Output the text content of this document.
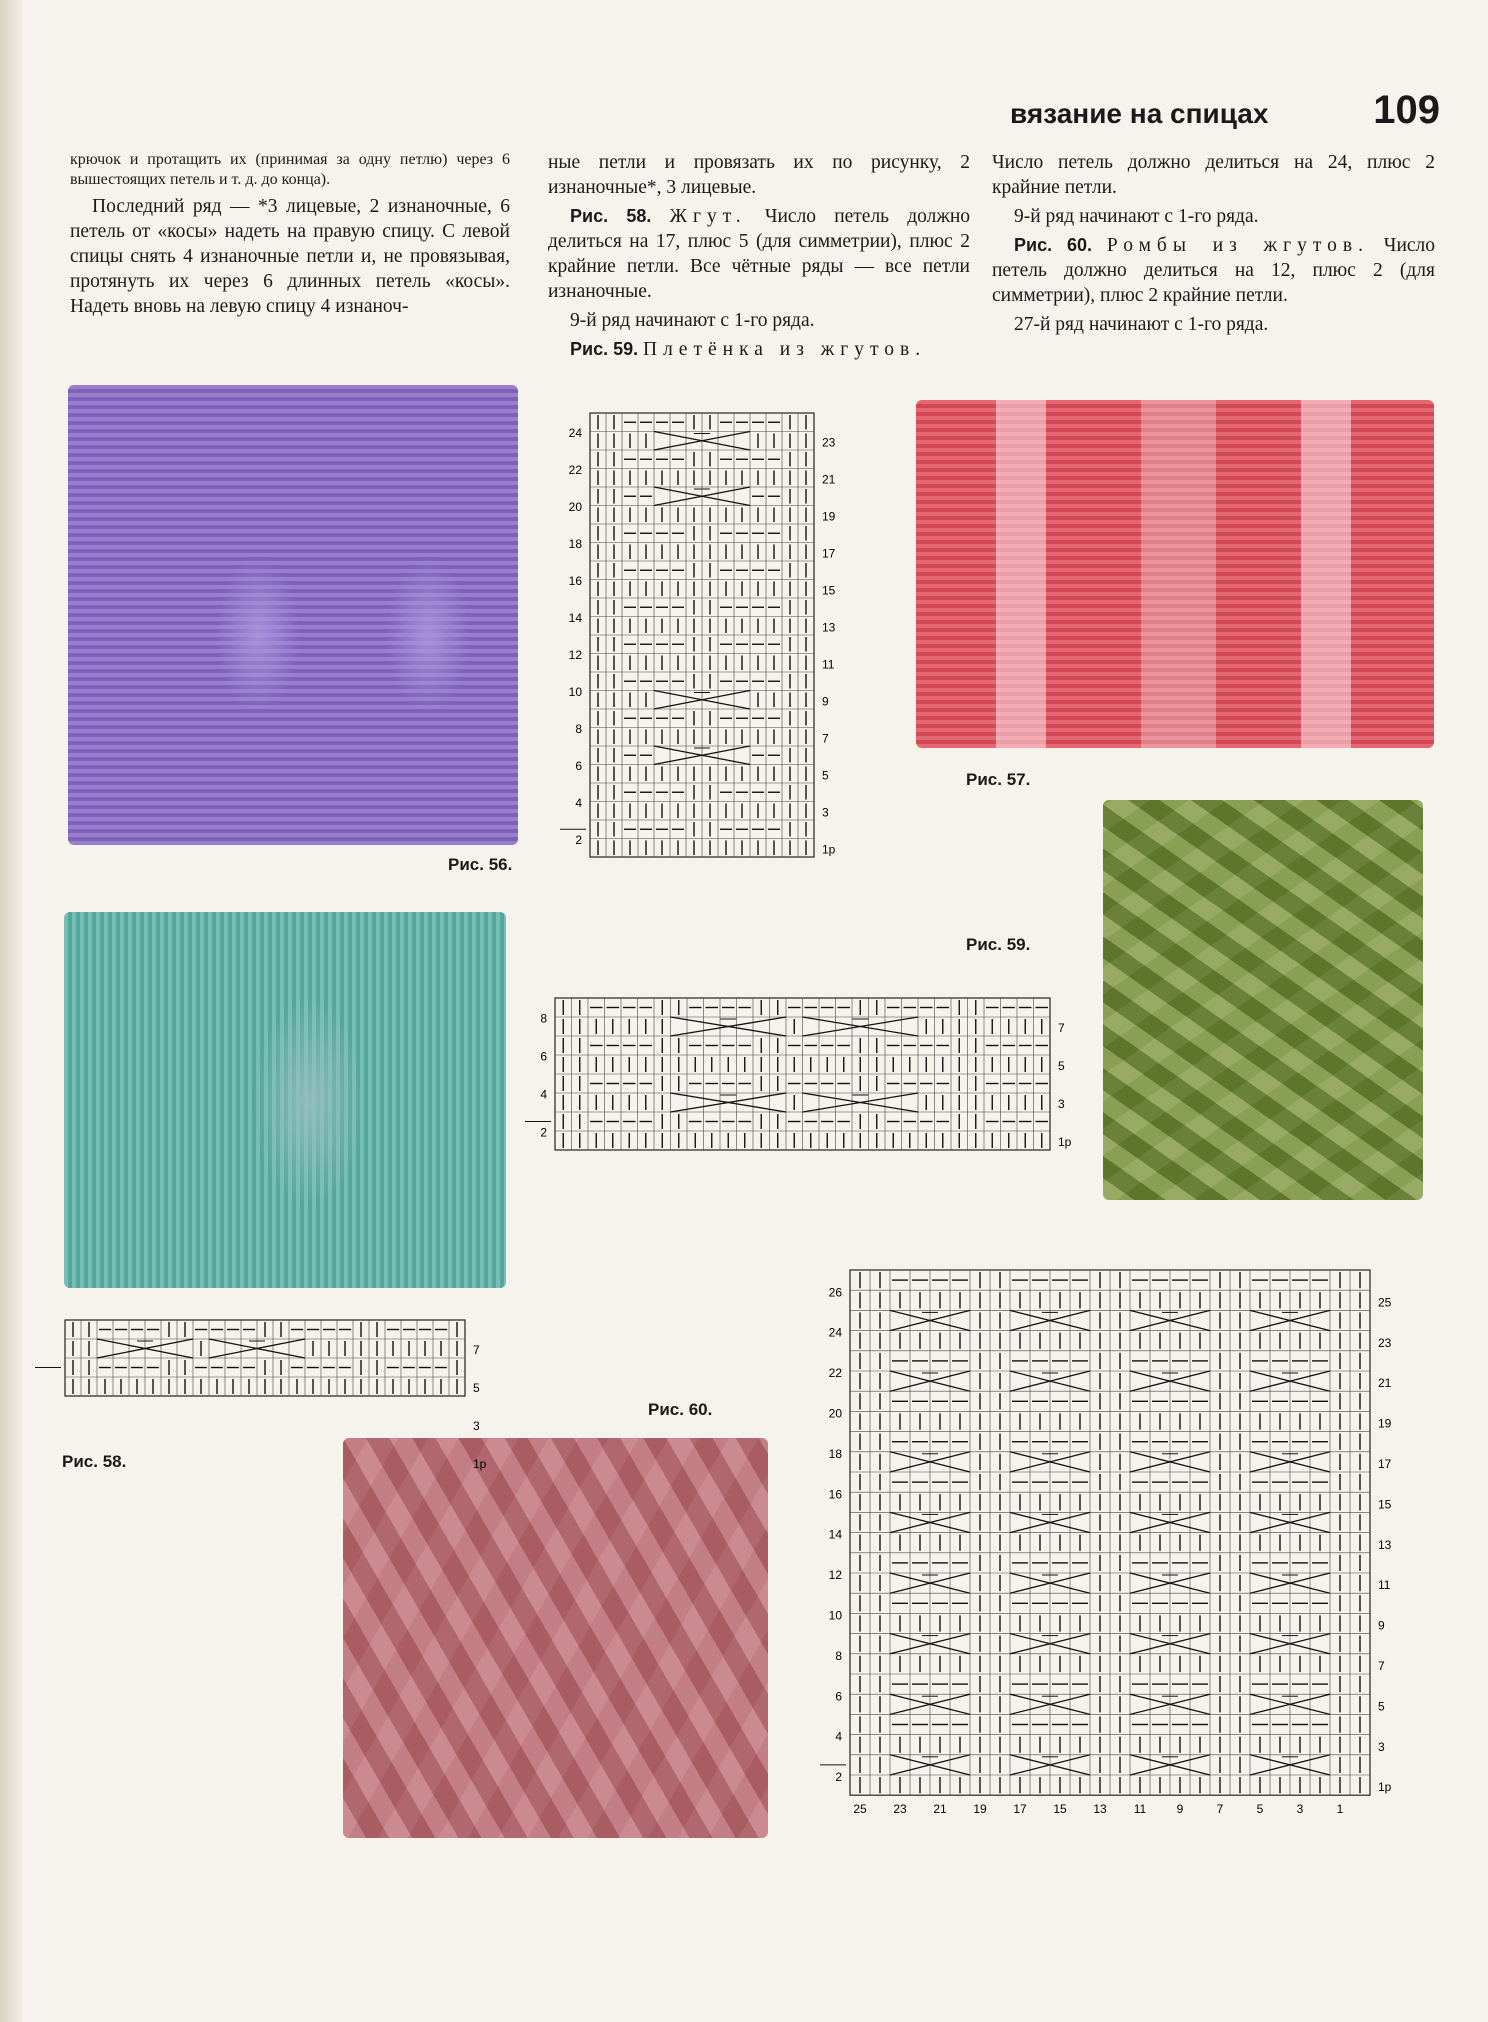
вязание на спицах	109

крючок и протащить их (принимая за одну петлю) через 6 вышестоящих петель и т. д. до конца).

Последний ряд — *3 лицевые, 2 изнаночные, 6 петель от «косы» надеть на правую спицу. С левой спицы снять 4 изнаночные петли и, не провязывая, протянуть их через 6 длинных петель «косы». Надеть вновь на левую спицу 4 изнаноч-

ные петли и провязать их по рисунку, 2 изнаночные*, 3 лицевые.

Рис. 58. Жгут. Число петель должно делиться на 17, плюс 5 (для симметрии), плюс 2 крайние петли. Все чётные ряды — все петли изнаночные.

9-й ряд начинают с 1-го ряда.

Рис. 59. Плетёнка из жгутов.

Число петель должно делиться на 24, плюс 2 крайние петли.

9-й ряд начинают с 1-го ряда.

Рис. 60. Ромбы из жгутов. Число петель должно делиться на 12, плюс 2 (для симметрии), плюс 2 крайние петли.

27-й ряд начинают с 1-го ряда.

Рис. 56.
Рис. 57.
Рис. 58.
Рис. 59.
Рис. 60.
24
22
20
18
16
14
12
10
8
6
4
2
23
21
19
17
15
13
11
9
7
5
3
1р
8
6
4
2
7
5
3
1р
7
5
3
1р
26
24
22
20
18
16
14
12
10
8
6
4
2
25
23
21
19
17
15
13
11
9
7
5
3
1р
25 23 21 19 17 15 13 11	9	7	5	3	1
